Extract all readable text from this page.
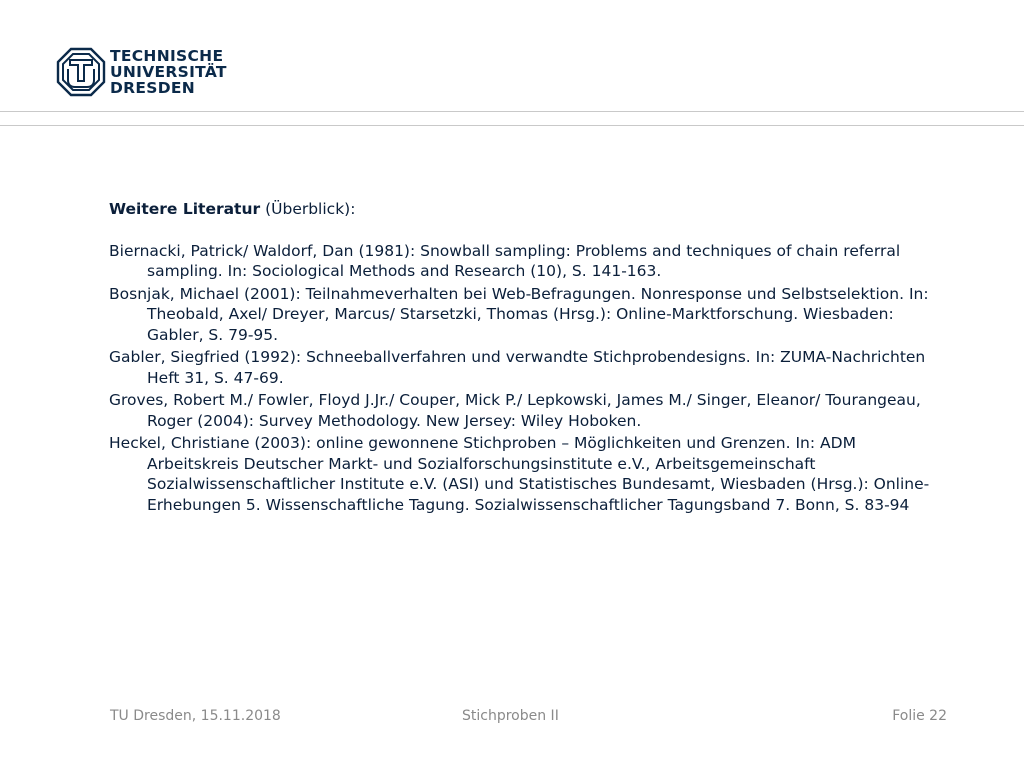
TECHNISCHE
UNIVERSITÄT
DRESDEN

Weitere Literatur (Überblick):

Biernacki, Patrick/ Waldorf, Dan (1981): Snowball sampling: Problems and techniques of chain referral sampling. In: Sociological Methods and Research (10), S. 141-163.
Bosnjak, Michael (2001): Teilnahmeverhalten bei Web-Befragungen. Nonresponse und Selbstselektion. In: Theobald, Axel/ Dreyer, Marcus/ Starsetzki, Thomas (Hrsg.): Online-Marktforschung. Wiesbaden: Gabler, S. 79-95.
Gabler, Siegfried (1992): Schneeballverfahren und verwandte Stichprobendesigns. In: ZUMA-Nachrichten Heft 31, S. 47-69.
Groves, Robert M./ Fowler, Floyd J.Jr./ Couper, Mick P./ Lepkowski, James M./ Singer, Eleanor/ Tourangeau, Roger (2004): Survey Methodology. New Jersey: Wiley Hoboken.
Heckel, Christiane (2003): online gewonnene Stichproben – Möglichkeiten und Grenzen. In: ADM Arbeitskreis Deutscher Markt- und Sozialforschungsinstitute e.V., Arbeitsgemeinschaft Sozialwissenschaftlicher Institute e.V. (ASI) und Statistisches Bundesamt, Wiesbaden (Hrsg.): Online-Erhebungen 5. Wissenschaftliche Tagung. Sozialwissenschaftlicher Tagungsband 7. Bonn, S. 83-94
TU Dresden, 15.11.2018	Stichproben II	Folie 22
